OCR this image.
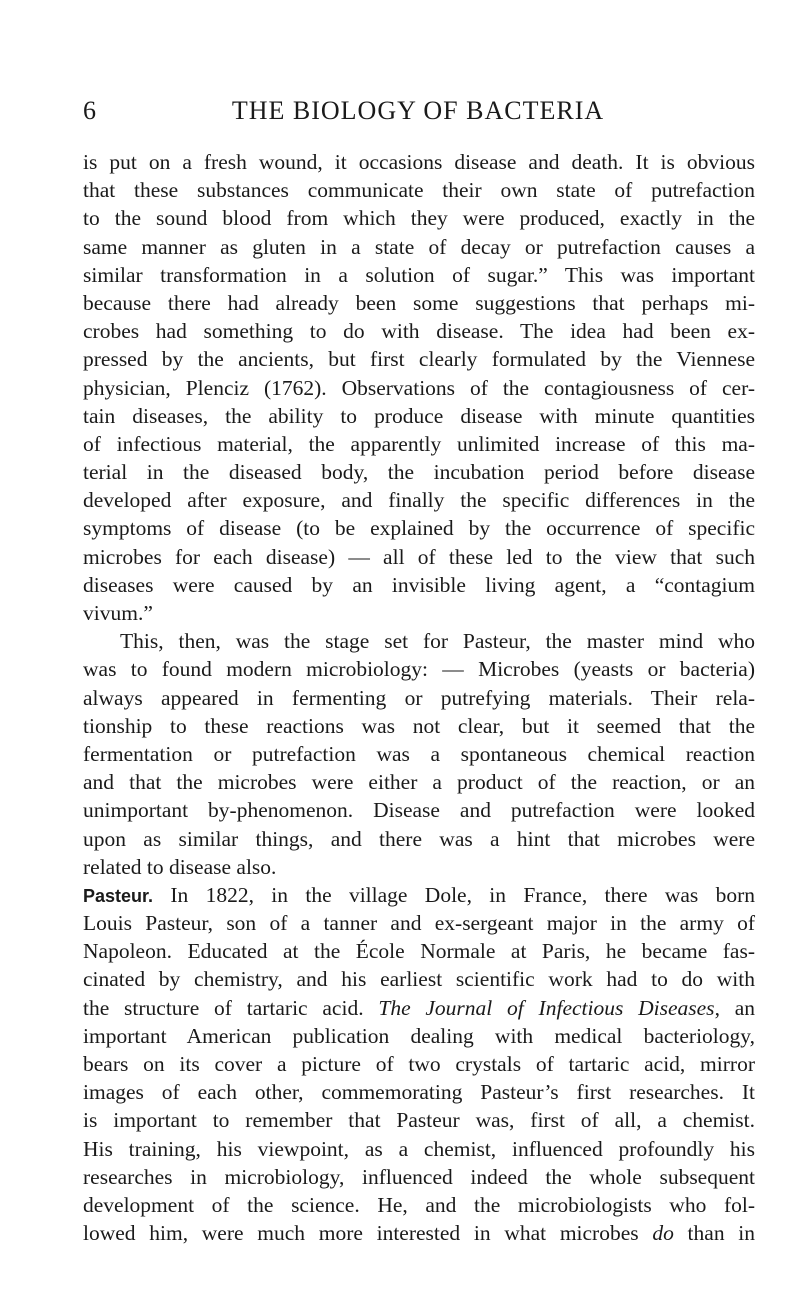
6	THE BIOLOGY OF BACTERIA
is put on a fresh wound, it occasions disease and death. It is obvious
that these substances communicate their own state of putrefaction
to the sound blood from which they were produced, exactly in the
same manner as gluten in a state of decay or putrefaction causes a
similar transformation in a solution of sugar.” This was important
because there had already been some suggestions that perhaps mi-
crobes had something to do with disease. The idea had been ex-
pressed by the ancients, but first clearly formulated by the Viennese
physician, Plenciz (1762). Observations of the contagiousness of cer-
tain diseases, the ability to produce disease with minute quantities
of infectious material, the apparently unlimited increase of this ma-
terial in the diseased body, the incubation period before disease
developed after exposure, and finally the specific differences in the
symptoms of disease (to be explained by the occurrence of specific
microbes for each disease) — all of these led to the view that such
diseases were caused by an invisible living agent, a “contagium
vivum.”
This, then, was the stage set for Pasteur, the master mind who
was to found modern microbiology: — Microbes (yeasts or bacteria)
always appeared in fermenting or putrefying materials. Their rela-
tionship to these reactions was not clear, but it seemed that the
fermentation or putrefaction was a spontaneous chemical reaction
and that the microbes were either a product of the reaction, or an
unimportant by-phenomenon. Disease and putrefaction were looked
upon as similar things, and there was a hint that microbes were
related to disease also.
Pasteur. In 1822, in the village Dole, in France, there was born
Louis Pasteur, son of a tanner and ex-sergeant major in the army of
Napoleon. Educated at the École Normale at Paris, he became fas-
cinated by chemistry, and his earliest scientific work had to do with
the structure of tartaric acid. The Journal of Infectious Diseases, an
important American publication dealing with medical bacteriology,
bears on its cover a picture of two crystals of tartaric acid, mirror
images of each other, commemorating Pasteur’s first researches. It
is important to remember that Pasteur was, first of all, a chemist.
His training, his viewpoint, as a chemist, influenced profoundly his
researches in microbiology, influenced indeed the whole subsequent
development of the science. He, and the microbiologists who fol-
lowed him, were much more interested in what microbes do than in
